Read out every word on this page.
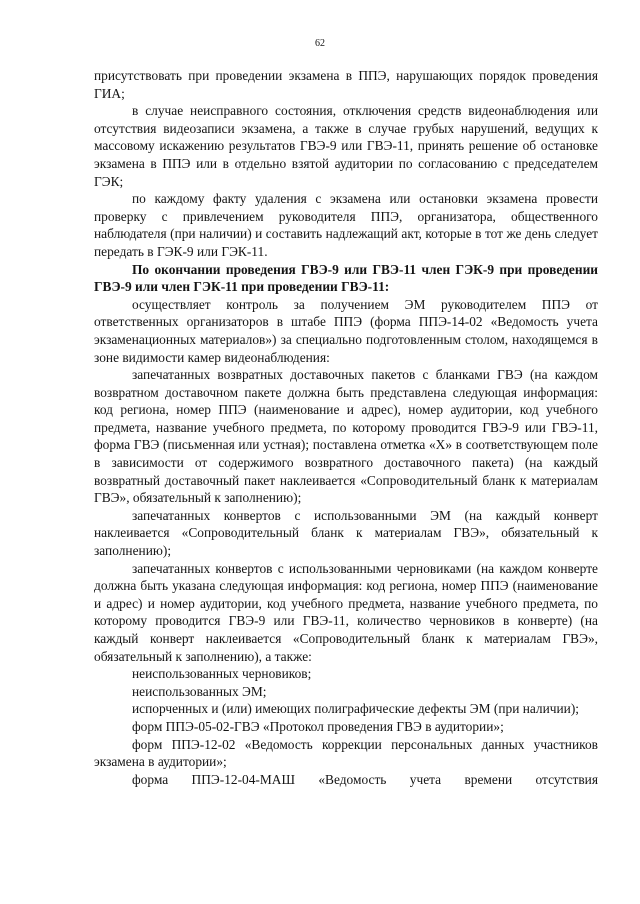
62

присутствовать при проведении экзамена в ППЭ, нарушающих порядок проведения ГИА;

в случае неисправного состояния, отключения средств видеонаблюдения или отсутствия видеозаписи экзамена, а также в случае грубых нарушений, ведущих к массовому искажению результатов ГВЭ-9 или ГВЭ-11, принять решение об остановке экзамена в ППЭ или в отдельно взятой аудитории по согласованию с председателем ГЭК;

по каждому факту удаления с экзамена или остановки экзамена провести проверку с привлечением руководителя ППЭ, организатора, общественного наблюдателя (при наличии) и составить надлежащий акт, которые в тот же день следует передать в ГЭК-9 или ГЭК-11.

По окончании проведения ГВЭ-9 или ГВЭ-11 член ГЭК-9 при проведении ГВЭ-9 или член ГЭК-11 при проведении ГВЭ-11:

осуществляет контроль за получением ЭМ руководителем ППЭ от ответственных организаторов в штабе ППЭ (форма ППЭ-14-02 «Ведомость учета экзаменационных материалов») за специально подготовленным столом, находящемся в зоне видимости камер видеонаблюдения:

запечатанных возвратных доставочных пакетов с бланками ГВЭ (на каждом возвратном доставочном пакете должна быть представлена следующая информация: код региона, номер ППЭ (наименование и адрес), номер аудитории, код учебного предмета, название учебного предмета, по которому проводится ГВЭ-9 или ГВЭ-11, форма ГВЭ (письменная или устная); поставлена отметка «Х» в соответствующем поле в зависимости от содержимого возвратного доставочного пакета) (на каждый возвратный доставочный пакет наклеивается «Сопроводительный бланк к материалам ГВЭ», обязательный к заполнению);

запечатанных конвертов с использованными ЭМ (на каждый конверт наклеивается «Сопроводительный бланк к материалам ГВЭ», обязательный к заполнению);

запечатанных конвертов с использованными черновиками (на каждом конверте должна быть указана следующая информация: код региона, номер ППЭ (наименование и адрес) и номер аудитории, код учебного предмета, название учебного предмета, по которому проводится ГВЭ-9 или ГВЭ-11, количество черновиков в конверте) (на каждый конверт наклеивается «Сопроводительный бланк к материалам ГВЭ», обязательный к заполнению), а также:

неиспользованных черновиков;

неиспользованных ЭМ;

испорченных и (или) имеющих полиграфические дефекты ЭМ (при наличии);

форм ППЭ-05-02-ГВЭ «Протокол проведения ГВЭ в аудитории»;

форм ППЭ-12-02 «Ведомость коррекции персональных данных участников экзамена в аудитории»;

форма ППЭ-12-04-МАШ «Ведомость учета времени отсутствия
